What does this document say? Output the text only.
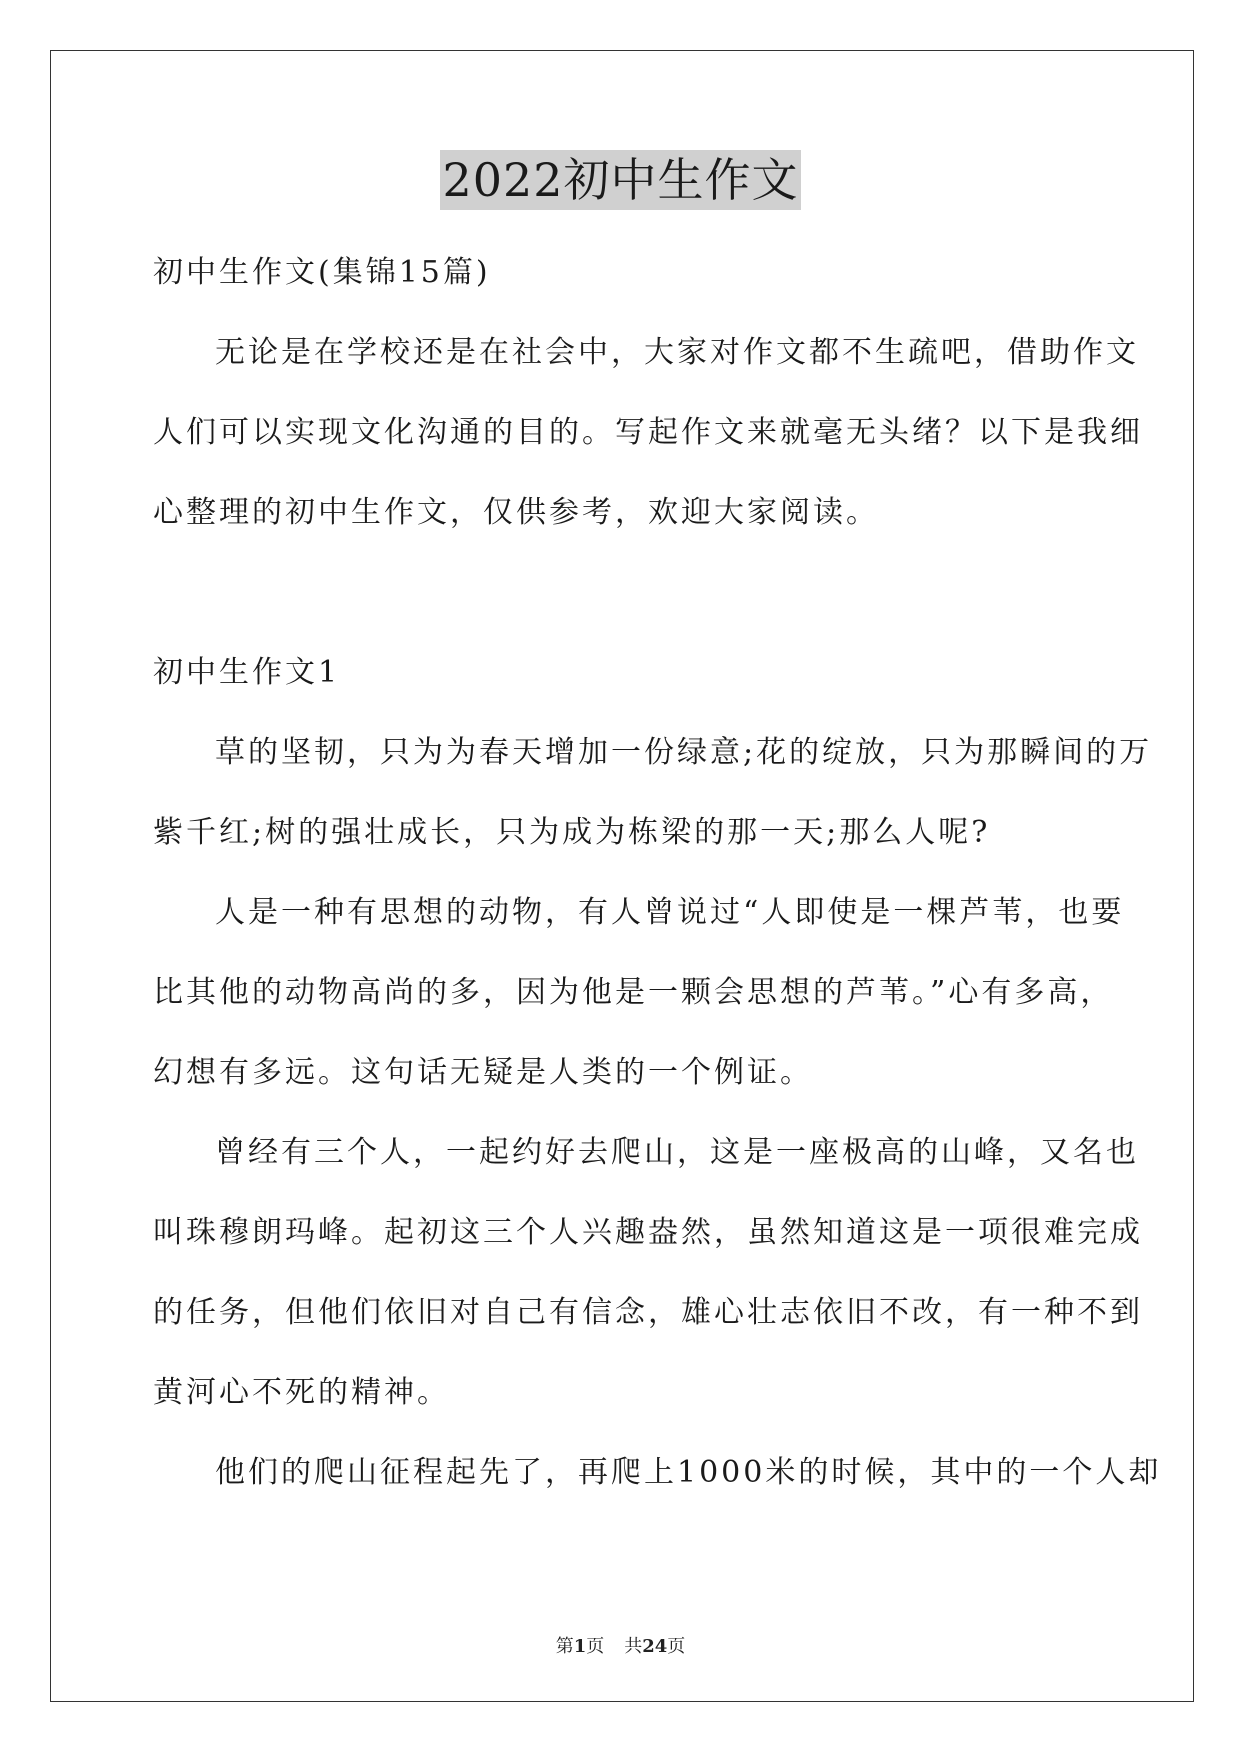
2022初中生作文
初中生作文(集锦15篇)
无论是在学校还是在社会中，大家对作文都不生疏吧，借助作文
人们可以实现文化沟通的目的。写起作文来就毫无头绪？以下是我细
心整理的初中生作文，仅供参考，欢迎大家阅读。
初中生作文1
草的坚韧，只为为春天增加一份绿意;花的绽放，只为那瞬间的万
紫千红;树的强壮成长，只为成为栋梁的那一天;那么人呢?
人是一种有思想的动物，有人曾说过“人即使是一棵芦苇，也要
比其他的动物高尚的多，因为他是一颗会思想的芦苇。”心有多高，
幻想有多远。这句话无疑是人类的一个例证。
曾经有三个人，一起约好去爬山，这是一座极高的山峰，又名也
叫珠穆朗玛峰。起初这三个人兴趣盎然，虽然知道这是一项很难完成
的任务，但他们依旧对自己有信念，雄心壮志依旧不改，有一种不到
黄河心不死的精神。
他们的爬山征程起先了，再爬上1000米的时候，其中的一个人却
第1页 共24页
